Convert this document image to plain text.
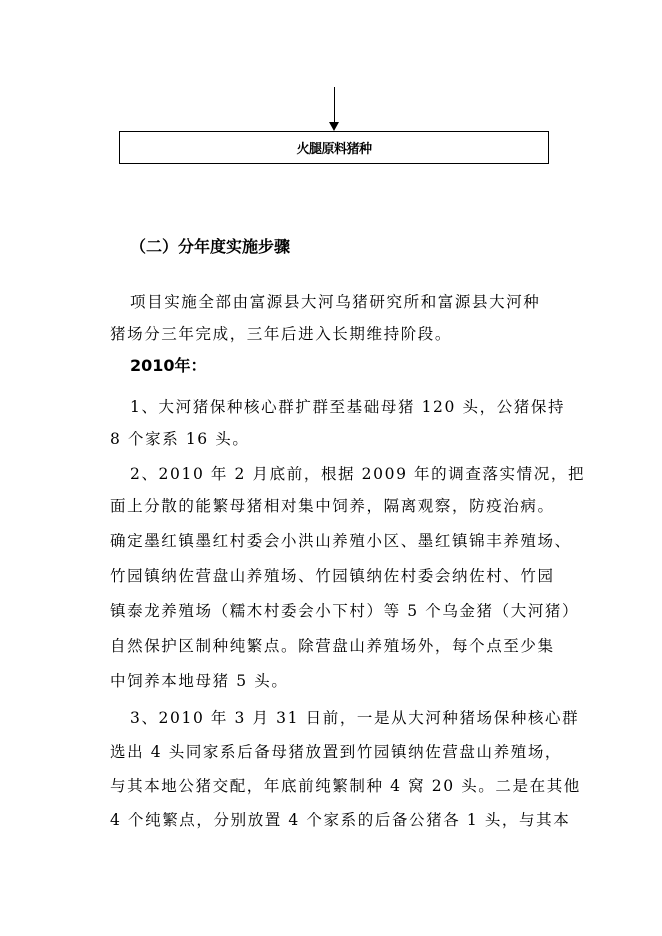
火腿原料猪种
（二）分年度实施步骤
项目实施全部由富源县大河乌猪研究所和富源县大河种
猪场分三年完成，三年后进入长期维持阶段。
2010年：
1、大河猪保种核心群扩群至基础母猪 120 头，公猪保持
8 个家系 16 头。
2、2010 年 2 月底前，根据 2009 年的调查落实情况，把
面上分散的能繁母猪相对集中饲养，隔离观察，防疫治病。
确定墨红镇墨红村委会小洪山养殖小区、墨红镇锦丰养殖场、
竹园镇纳佐营盘山养殖场、竹园镇纳佐村委会纳佐村、竹园
镇泰龙养殖场（糯木村委会小下村）等 5 个乌金猪（大河猪）
自然保护区制种纯繁点。除营盘山养殖场外，每个点至少集
中饲养本地母猪 5 头。
3、2010 年 3 月 31 日前，一是从大河种猪场保种核心群
选出 4 头同家系后备母猪放置到竹园镇纳佐营盘山养殖场，
与其本地公猪交配，年底前纯繁制种 4 窝 20 头。二是在其他
4 个纯繁点，分别放置 4 个家系的后备公猪各 1 头，与其本
